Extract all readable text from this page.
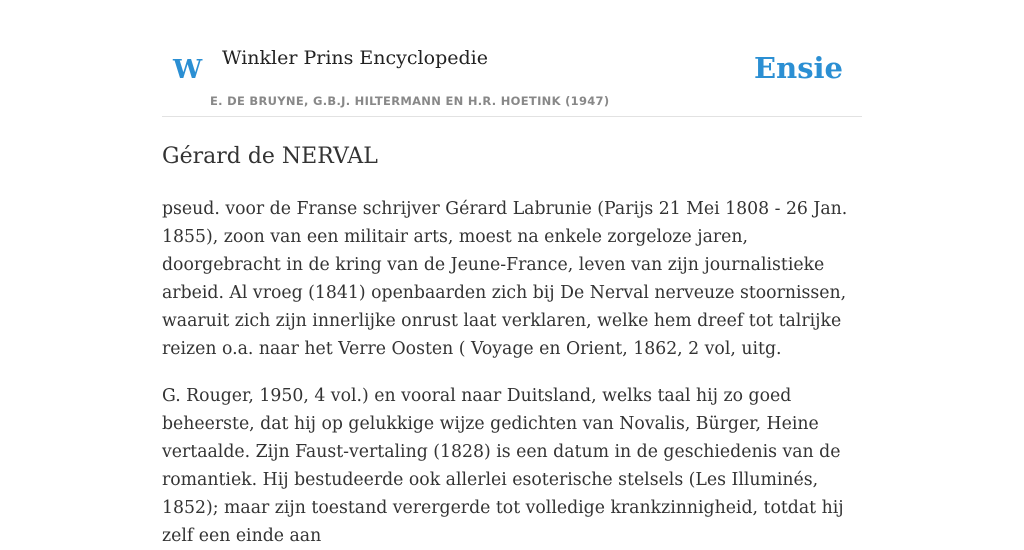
W Winkler Prins Encyclopedie
E. DE BRUYNE, G.B.J. HILTERMANN EN H.R. HOETINK (1947)
Ensie
Gérard de NERVAL

pseud. voor de Franse schrijver Gérard Labrunie (Parijs 21 Mei 1808 - 26 Jan. 1855), zoon van een militair arts, moest na enkele zorgeloze jaren, doorgebracht in de kring van de Jeune-France, leven van zijn journalistieke arbeid. Al vroeg (1841) openbaarden zich bij De Nerval nerveuze stoornissen, waaruit zich zijn innerlijke onrust laat verklaren, welke hem dreef tot talrijke reizen o.a. naar het Verre Oosten ( Voyage en Orient, 1862, 2 vol, uitg.

G. Rouger, 1950, 4 vol.) en vooral naar Duitsland, welks taal hij zo goed beheerste, dat hij op gelukkige wijze gedichten van Novalis, Bürger, Heine vertaalde. Zijn Faust-vertaling (1828) is een datum in de geschiedenis van de romantiek. Hij bestudeerde ook allerlei esoterische stelsels (Les Illuminés, 1852); maar zijn toestand verergerde tot volledige krankzinnigheid, totdat hij zelf een einde aan
